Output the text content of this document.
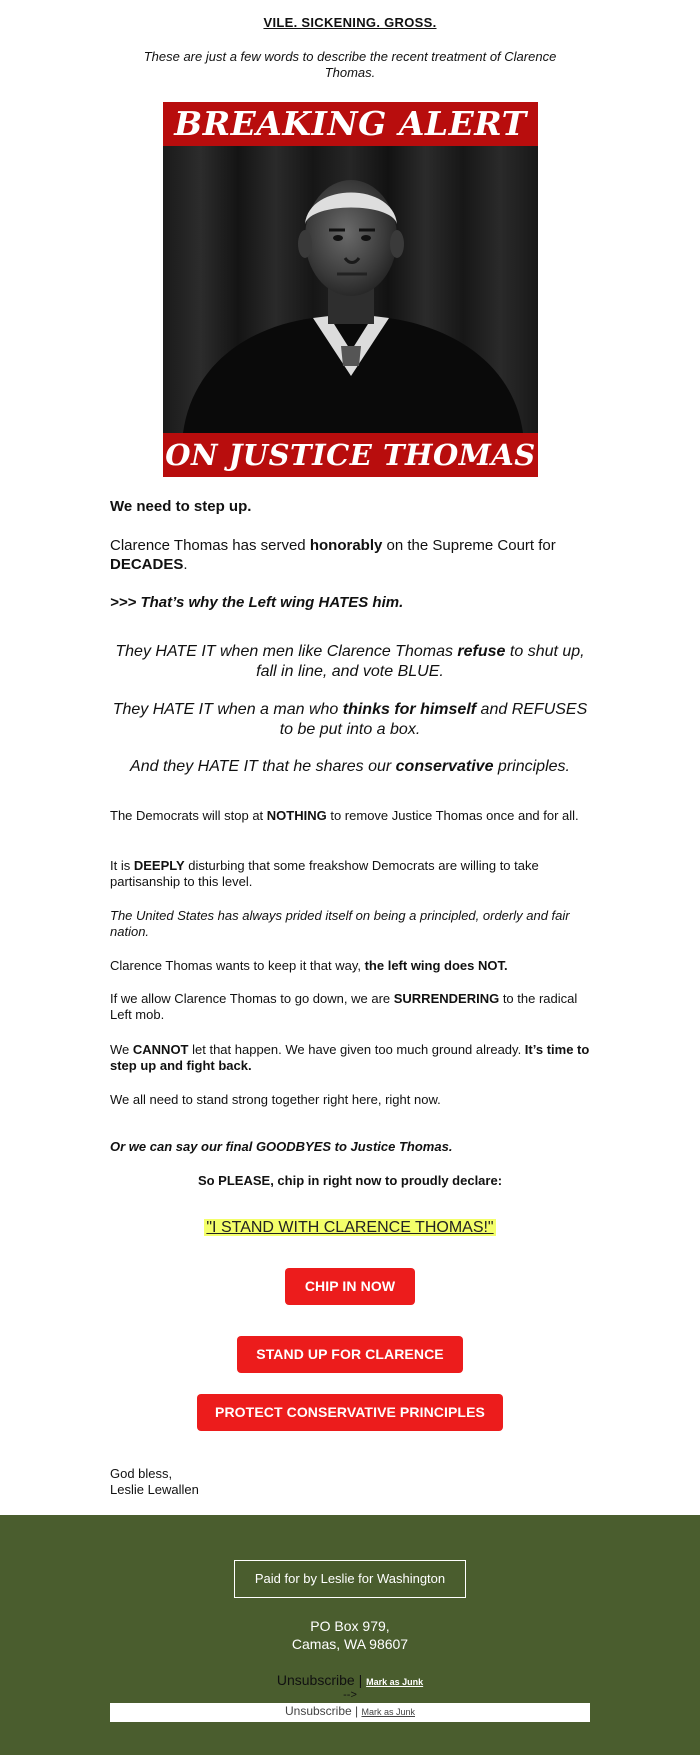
VILE. SICKENING. GROSS.
These are just a few words to describe the recent treatment of Clarence Thomas.
BREAKING ALERT
ON JUSTICE THOMAS
We need to step up.
Clarence Thomas has served honorably on the Supreme Court for DECADES.
>>> That’s why the Left wing HATES him.
They HATE IT when men like Clarence Thomas refuse to shut up, fall in line, and vote BLUE.
They HATE IT when a man who thinks for himself and REFUSES to be put into a box.
And they HATE IT that he shares our conservative principles.
The Democrats will stop at NOTHING to remove Justice Thomas once and for all.
It is DEEPLY disturbing that some freakshow Democrats are willing to take partisanship to this level.
The United States has always prided itself on being a principled, orderly and fair nation.
Clarence Thomas wants to keep it that way, the left wing does NOT.
If we allow Clarence Thomas to go down, we are SURRENDERING to the radical Left mob.
We CANNOT let that happen. We have given too much ground already. It’s time to step up and fight back.
We all need to stand strong together right here, right now.
Or we can say our final GOODBYES to Justice Thomas.
So PLEASE, chip in right now to proudly declare:
"I STAND WITH CLARENCE THOMAS!"
CHIP IN NOW
STAND UP FOR CLARENCE
PROTECT CONSERVATIVE PRINCIPLES
God bless,
Leslie Lewallen
Paid for by Leslie for Washington
PO Box 979,
Camas, WA 98607
Unsubscribe | Mark as Junk
-->
Unsubscribe | Mark as Junk
